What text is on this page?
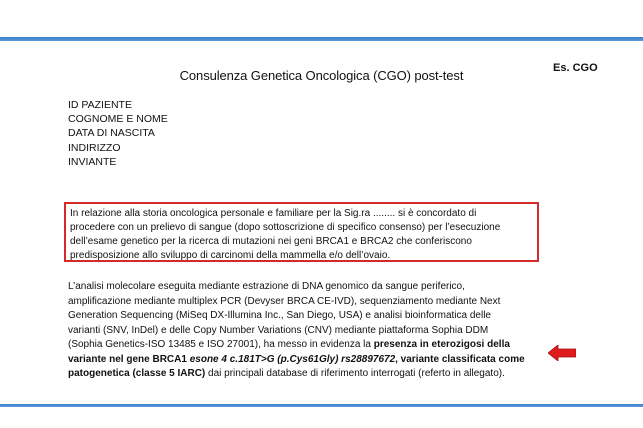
Es. CGO
Consulenza Genetica Oncologica (CGO) post-test
ID PAZIENTE
COGNOME E NOME
DATA DI NASCITA
INDIRIZZO
INVIANTE
In relazione alla storia oncologica personale e familiare per la Sig.ra ........ si è concordato di
procedere con un prelievo di sangue (dopo sottoscrizione di specifico consenso) per l’esecuzione
dell’esame genetico per la ricerca di mutazioni nei geni BRCA1 e BRCA2 che conferiscono
predisposizione allo sviluppo di carcinomi della mammella e/o dell’ovaio.
L’analisi molecolare eseguita mediante estrazione di DNA genomico da sangue periferico,
amplificazione mediante multiplex PCR (Devyser BRCA CE-IVD), sequenziamento mediante Next
Generation Sequencing (MiSeq DX-Illumina Inc., San Diego, USA) e analisi bioinformatica delle
varianti (SNV, InDel) e delle Copy Number Variations (CNV) mediante piattaforma Sophia DDM
(Sophia Genetics-ISO 13485 e ISO 27001), ha messo in evidenza la presenza in eterozigosi della
variante nel gene BRCA1 esone 4 c.181T>G (p.Cys61Gly) rs28897672, variante classificata come
patogenetica (classe 5 IARC) dai principali database di riferimento interrogati (referto in allegato).
